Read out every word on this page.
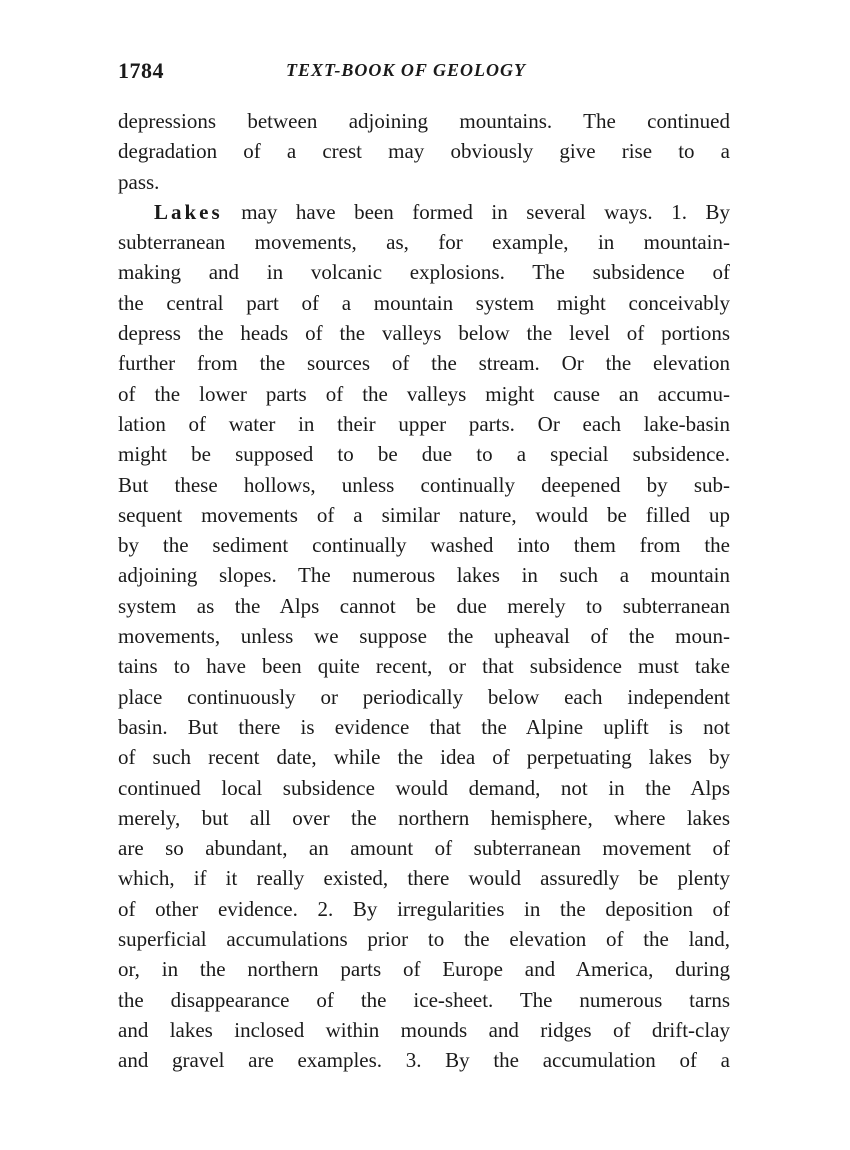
1784	TEXT-BOOK OF GEOLOGY
depressions between adjoining mountains. The continued
degradation of a crest may obviously give rise to a
pass.
Lakes may have been formed in several ways. 1. By
subterranean movements, as, for example, in mountain-
making and in volcanic explosions. The subsidence of
the central part of a mountain system might conceivably
depress the heads of the valleys below the level of portions
further from the sources of the stream. Or the elevation
of the lower parts of the valleys might cause an accumu-
lation of water in their upper parts. Or each lake-basin
might be supposed to be due to a special subsidence.
But these hollows, unless continually deepened by sub-
sequent movements of a similar nature, would be filled up
by the sediment continually washed into them from the
adjoining slopes. The numerous lakes in such a mountain
system as the Alps cannot be due merely to subterranean
movements, unless we suppose the upheaval of the moun-
tains to have been quite recent, or that subsidence must take
place continuously or periodically below each independent
basin. But there is evidence that the Alpine uplift is not
of such recent date, while the idea of perpetuating lakes by
continued local subsidence would demand, not in the Alps
merely, but all over the northern hemisphere, where lakes
are so abundant, an amount of subterranean movement of
which, if it really existed, there would assuredly be plenty
of other evidence. 2. By irregularities in the deposition of
superficial accumulations prior to the elevation of the land,
or, in the northern parts of Europe and America, during
the disappearance of the ice-sheet. The numerous tarns
and lakes inclosed within mounds and ridges of drift-clay
and gravel are examples. 3. By the accumulation of a
